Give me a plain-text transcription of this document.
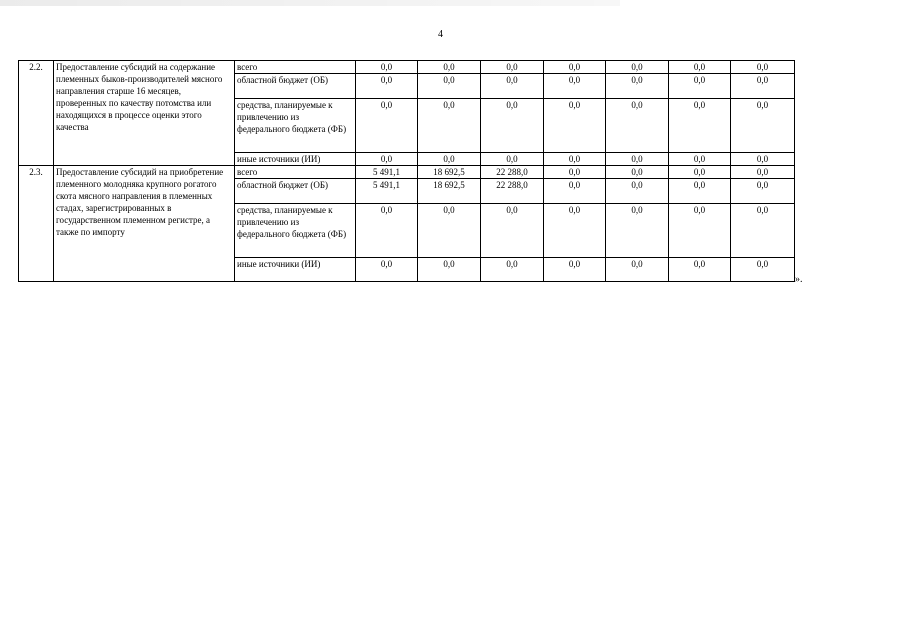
4
2.2.	Предоставление субсидий на содержание племенных быков-производителей мясного направления старше 16 месяцев, проверенных по качеству потомства или находящихся в процессе оценки этого качества	всего	0,0	0,0	0,0	0,0	0,0	0,0	0,0
		областной бюджет (ОБ)	0,0	0,0	0,0	0,0	0,0	0,0	0,0
		средства, планируемые к привлечению из федерального бюджета (ФБ)	0,0	0,0	0,0	0,0	0,0	0,0	0,0
		иные источники (ИИ)	0,0	0,0	0,0	0,0	0,0	0,0	0,0
2.3.	Предоставление субсидий на приобретение племенного молодняка крупного рогатого скота мясного направления в племенных стадах, зарегистрированных в государственном племенном регистре, а также по импорту	всего	5 491,1	18 692,5	22 288,0	0,0	0,0	0,0	0,0
		областной бюджет (ОБ)	5 491,1	18 692,5	22 288,0	0,0	0,0	0,0	0,0
		средства, планируемые к привлечению из федерального бюджета (ФБ)	0,0	0,0	0,0	0,0	0,0	0,0	0,0
		иные источники (ИИ)	0,0	0,0	0,0	0,0	0,0	0,0	0,0
».
